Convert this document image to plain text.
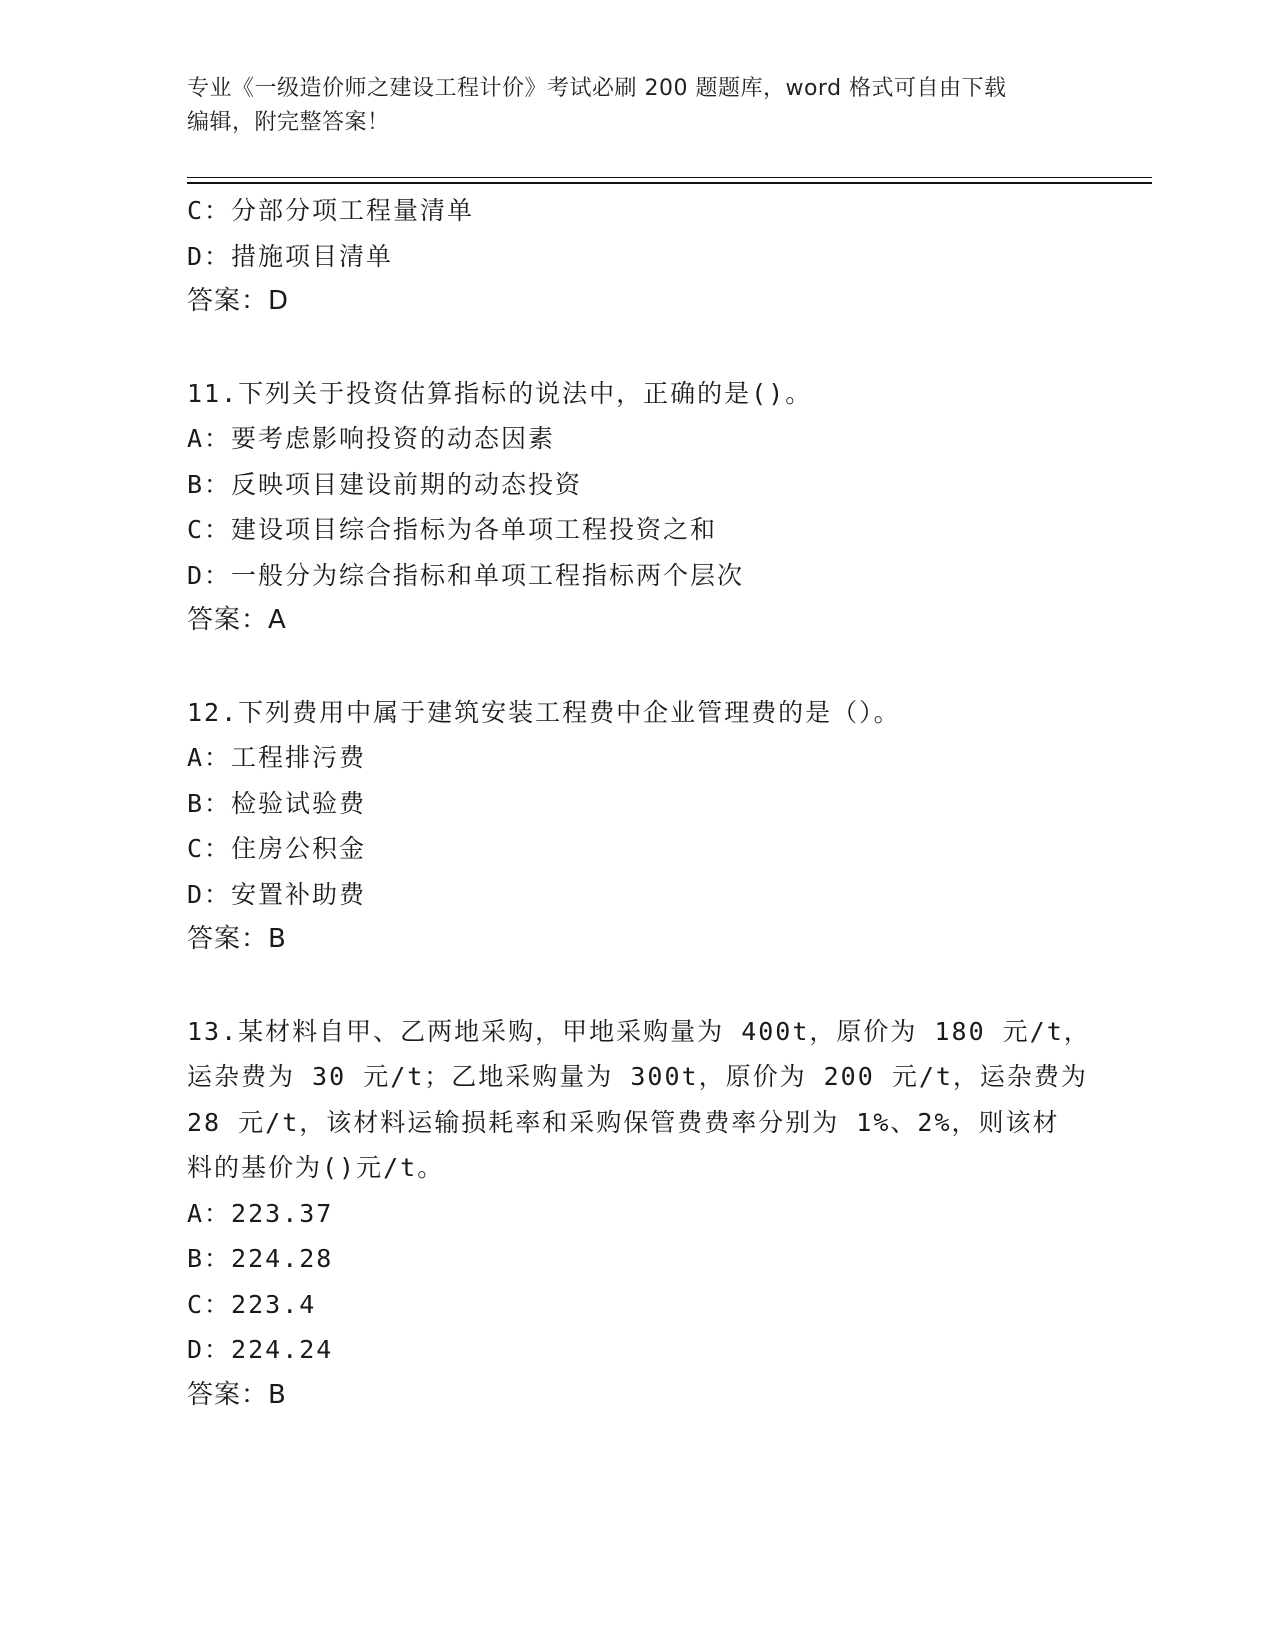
专业《一级造价师之建设工程计价》考试必刷 200 题题库，word 格式可自由下载
编辑，附完整答案！
C：分部分项工程量清单
D：措施项目清单
答案：D
11.下列关于投资估算指标的说法中，正确的是()。
A：要考虑影响投资的动态因素
B：反映项目建设前期的动态投资
C：建设项目综合指标为各单项工程投资之和
D：一般分为综合指标和单项工程指标两个层次
答案：A
12.下列费用中属于建筑安装工程费中企业管理费的是（）。
A：工程排污费
B：检验试验费
C：住房公积金
D：安置补助费
答案：B
13.某材料自甲、乙两地采购，甲地采购量为 400t，原价为 180 元/t，
运杂费为 30 元/t；乙地采购量为 300t，原价为 200 元/t，运杂费为
28 元/t，该材料运输损耗率和采购保管费费率分别为 1%、2%，则该材
料的基价为()元/t。
A：223.37
B：224.28
C：223.4
D：224.24
答案：B
